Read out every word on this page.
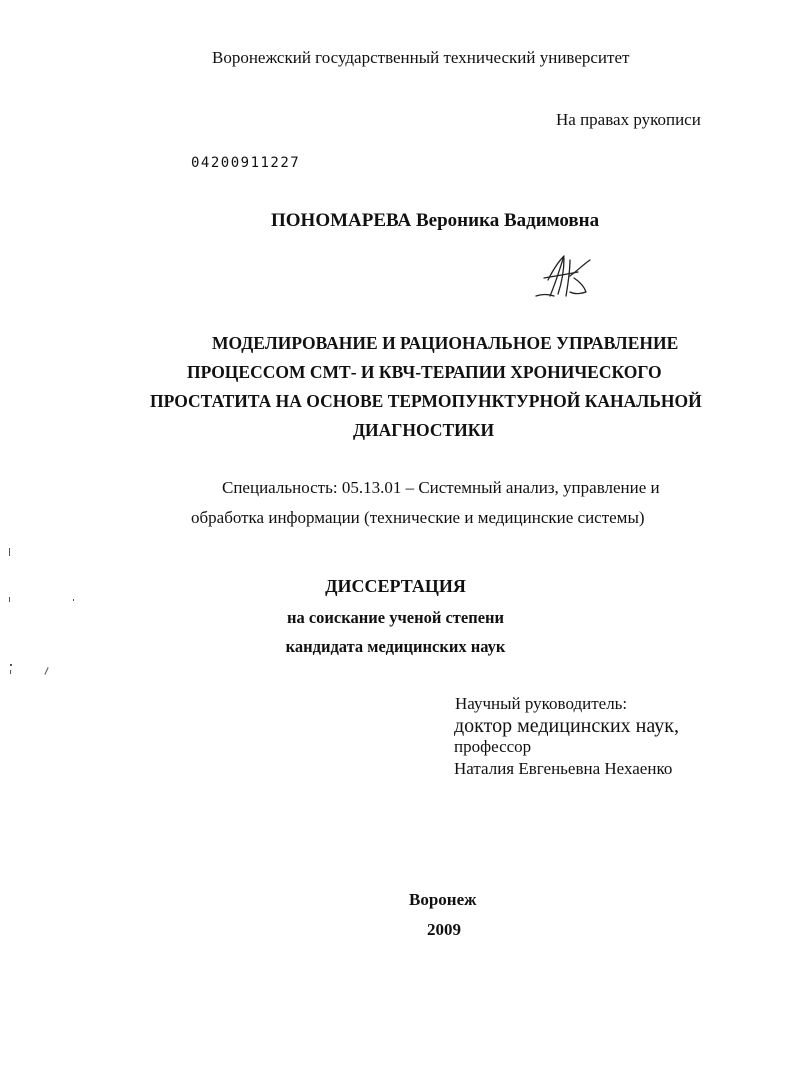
Воронежский государственный технический университет
На правах рукописи
04200911227
ПОНОМАРЕВА Вероника Вадимовна
МОДЕЛИРОВАНИЕ И РАЦИОНАЛЬНОЕ УПРАВЛЕНИЕ
ПРОЦЕССОМ СМТ- И КВЧ-ТЕРАПИИ ХРОНИЧЕСКОГО
ПРОСТАТИТА НА ОСНОВЕ ТЕРМОПУНКТУРНОЙ КАНАЛЬНОЙ
ДИАГНОСТИКИ
Специальность: 05.13.01 – Системный анализ, управление и
обработка информации (технические и медицинские системы)
ДИССЕРТАЦИЯ
на соискание ученой степени
кандидата медицинских наук
Научный руководитель:
доктор медицинских наук,
профессор
Наталия Евгеньевна Нехаенко
Воронеж
2009
